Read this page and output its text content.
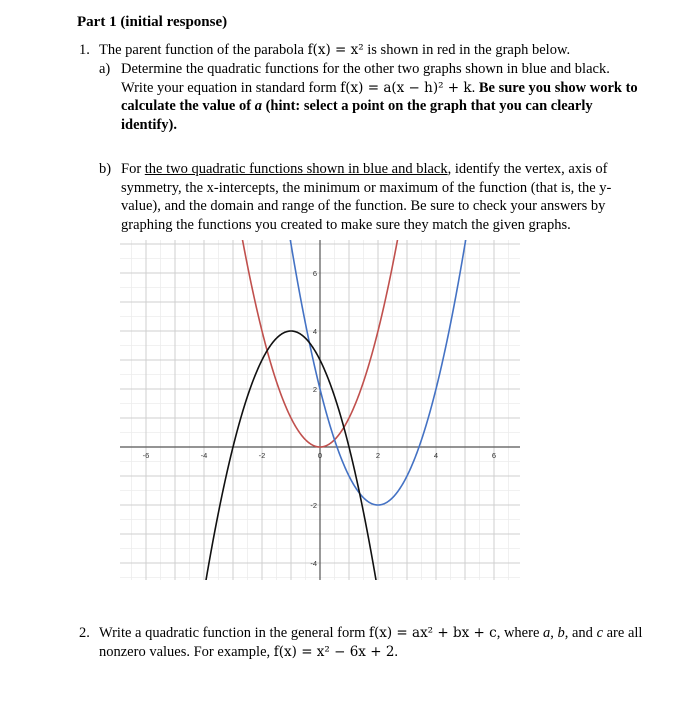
Part 1 (initial response)
1. The parent function of the parabola f(x) = x² is shown in red in the graph below.
a) Determine the quadratic functions for the other two graphs shown in blue and black. Write your equation in standard form f(x) = a(x − h)² + k. Be sure you show work to calculate the value of a (hint: select a point on the graph that you can clearly identify).
b) For the two quadratic functions shown in blue and black, identify the vertex, axis of symmetry, the x-intercepts, the minimum or maximum of the function (that is, the y-value), and the domain and range of the function. Be sure to check your answers by graphing the functions you created to make sure they match the given graphs.
-6	-4	-2	0	2	4	6
6
4
2
-2
-4
2. Write a quadratic function in the general form f(x) = ax² + bx + c, where a, b, and c are all nonzero values. For example, f(x) = x² − 6x + 2.
